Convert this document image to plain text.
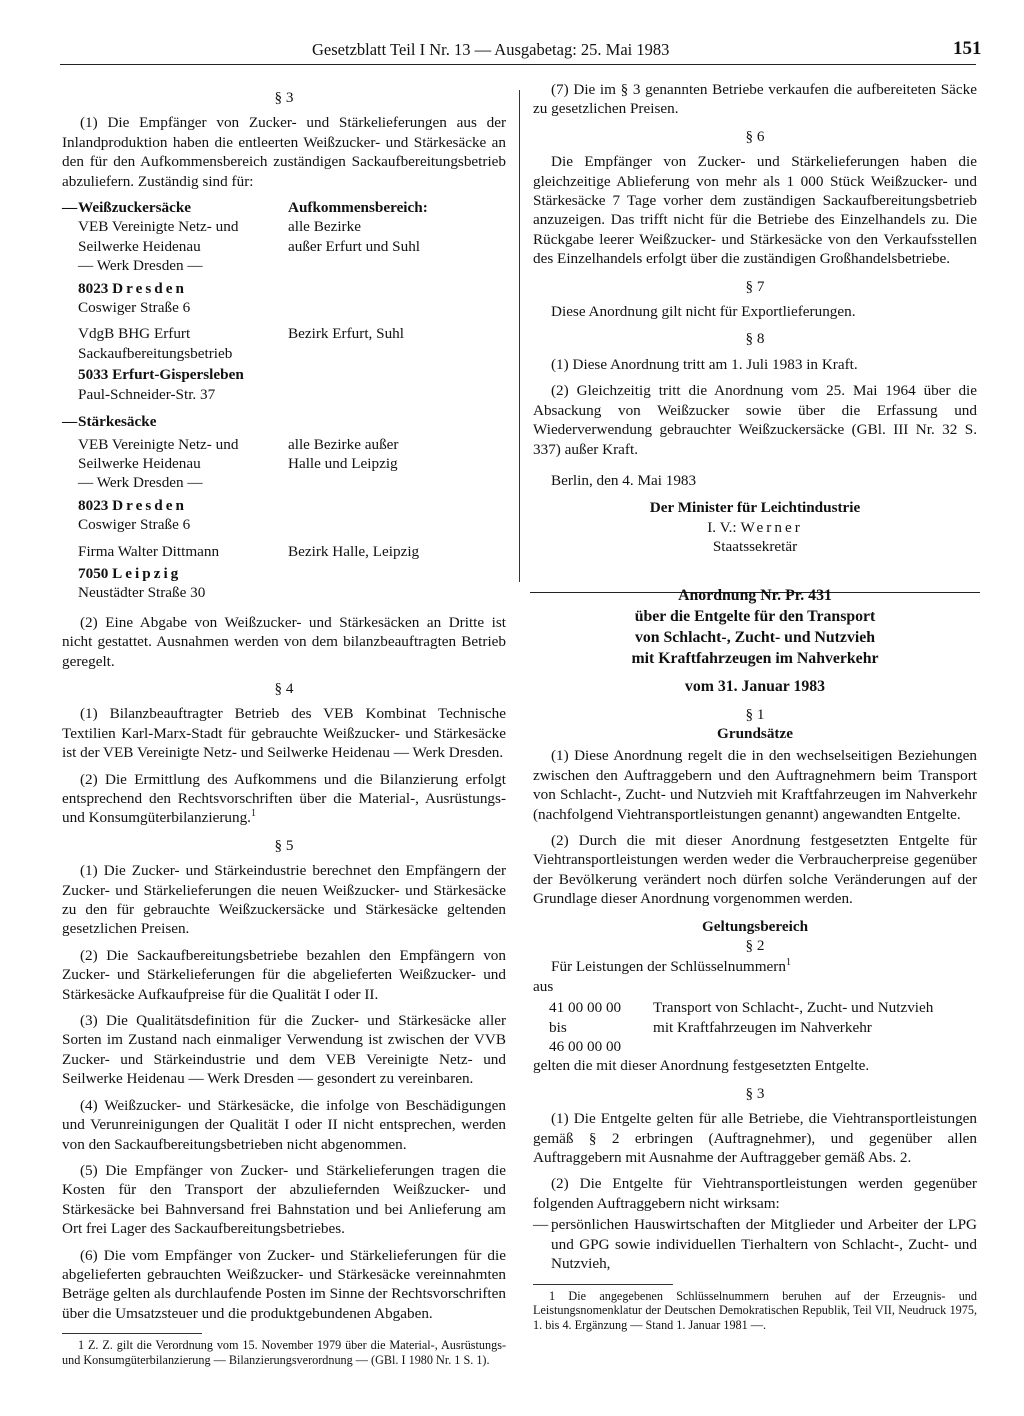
Gesetzblatt Teil I Nr. 13 — Ausgabetag: 25. Mai 1983	151
§ 3

(1) Die Empfänger von Zucker- und Stärkelieferungen aus der Inlandproduktion haben die entleerten Weißzucker- und Stärkesäcke an den für den Aufkommensbereich zuständigen Sackaufbereitungsbetrieb abzuliefern. Zuständig sind für:

— Weißzuckersäcke	Aufkommensbereich:
VEB Vereinigte Netz- und
Seilwerke Heidenau
— Werk Dresden —
8023 Dresden
Coswiger Straße 6
alle Bezirke
außer Erfurt und Suhl
VdgB BHG Erfurt
Sackaufbereitungsbetrieb
5033 Erfurt-Gispersleben
Paul-Schneider-Str. 37
Bezirk Erfurt, Suhl
— Stärkesäcke
VEB Vereinigte Netz- und
Seilwerke Heidenau
— Werk Dresden —
8023 Dresden
Coswiger Straße 6
alle Bezirke außer
Halle und Leipzig
Firma Walter Dittmann
7050 Leipzig
Neustädter Straße 30
Bezirk Halle, Leipzig

(2) Eine Abgabe von Weißzucker- und Stärkesäcken an Dritte ist nicht gestattet. Ausnahmen werden von dem bilanzbeauftragten Betrieb geregelt.

§ 4

(1) Bilanzbeauftragter Betrieb des VEB Kombinat Technische Textilien Karl-Marx-Stadt für gebrauchte Weißzucker- und Stärkesäcke ist der VEB Vereinigte Netz- und Seilwerke Heidenau — Werk Dresden.

(2) Die Ermittlung des Aufkommens und die Bilanzierung erfolgt entsprechend den Rechtsvorschriften über die Material-, Ausrüstungs- und Konsumgüterbilanzierung.$^1$

§ 5

(1) Die Zucker- und Stärkeindustrie berechnet den Empfängern der Zucker- und Stärkelieferungen die neuen Weißzucker- und Stärkesäcke zu den für gebrauchte Weißzuckersäcke und Stärkesäcke geltenden gesetzlichen Preisen.

(2) Die Sackaufbereitungsbetriebe bezahlen den Empfängern von Zucker- und Stärkelieferungen für die abgelieferten Weißzucker- und Stärkesäcke Aufkaufpreise für die Qualität I oder II.

(3) Die Qualitätsdefinition für die Zucker- und Stärkesäcke aller Sorten im Zustand nach einmaliger Verwendung ist zwischen der VVB Zucker- und Stärkeindustrie und dem VEB Vereinigte Netz- und Seilwerke Heidenau — Werk Dresden — gesondert zu vereinbaren.

(4) Weißzucker- und Stärkesäcke, die infolge von Beschädigungen und Verunreinigungen der Qualität I oder II nicht entsprechen, werden von den Sackaufbereitungsbetrieben nicht abgenommen.

(5) Die Empfänger von Zucker- und Stärkelieferungen tragen die Kosten für den Transport der abzuliefernden Weißzucker- und Stärkesäcke bei Bahnversand frei Bahnstation und bei Anlieferung am Ort frei Lager des Sackaufbereitungsbetriebes.

(6) Die vom Empfänger von Zucker- und Stärkelieferungen für die abgelieferten gebrauchten Weißzucker- und Stärkesäcke vereinnahmten Beträge gelten als durchlaufende Posten im Sinne der Rechtsvorschriften über die Umsatzsteuer und die produktgebundenen Abgaben.

1 Z. Z. gilt die Verordnung vom 15. November 1979 über die Material-, Ausrüstungs- und Konsumgüterbilanzierung — Bilanzierungsverordnung — (GBl. I 1980 Nr. 1 S. 1).

(7) Die im § 3 genannten Betriebe verkaufen die aufbereiteten Säcke zu gesetzlichen Preisen.

§ 6

Die Empfänger von Zucker- und Stärkelieferungen haben die gleichzeitige Ablieferung von mehr als 1 000 Stück Weißzucker- und Stärkesäcke 7 Tage vorher dem zuständigen Sackaufbereitungsbetrieb anzuzeigen. Das trifft nicht für die Betriebe des Einzelhandels zu. Die Rückgabe leerer Weißzucker- und Stärkesäcke von den Verkaufsstellen des Einzelhandels erfolgt über die zuständigen Großhandelsbetriebe.

§ 7

Diese Anordnung gilt nicht für Exportlieferungen.

§ 8

(1) Diese Anordnung tritt am 1. Juli 1983 in Kraft.

(2) Gleichzeitig tritt die Anordnung vom 25. Mai 1964 über die Absackung von Weißzucker sowie über die Erfassung und Wiederverwendung gebrauchter Weißzuckersäcke (GBl. III Nr. 32 S. 337) außer Kraft.

Berlin, den 4. Mai 1983

Der Minister für Leichtindustrie
I. V.: Werner
Staatssekretär
Anordnung Nr. Pr. 431
über die Entgelte für den Transport
von Schlacht-, Zucht- und Nutzvieh
mit Kraftfahrzeugen im Nahverkehr
vom 31. Januar 1983
§ 1
Grundsätze

(1) Diese Anordnung regelt die in den wechselseitigen Beziehungen zwischen den Auftraggebern und den Auftragnehmern beim Transport von Schlacht-, Zucht- und Nutzvieh mit Kraftfahrzeugen im Nahverkehr (nachfolgend Viehtransportleistungen genannt) angewandten Entgelte.

(2) Durch die mit dieser Anordnung festgesetzten Entgelte für Viehtransportleistungen werden weder die Verbraucherpreise gegenüber der Bevölkerung verändert noch dürfen solche Veränderungen auf der Grundlage dieser Anordnung vorgenommen werden.

Geltungsbereich
§ 2

Für Leistungen der Schlüsselnummern$^1$

aus
41 00 00 00
bis
46 00 00 00
Transport von Schlacht-, Zucht- und Nutzvieh
mit Kraftfahrzeugen im Nahverkehr

gelten die mit dieser Anordnung festgesetzten Entgelte.

§ 3

(1) Die Entgelte gelten für alle Betriebe, die Viehtransportleistungen gemäß § 2 erbringen (Auftragnehmer), und gegenüber allen Auftraggebern mit Ausnahme der Auftraggeber gemäß Abs. 2.

(2) Die Entgelte für Viehtransportleistungen werden gegenüber folgenden Auftraggebern nicht wirksam:

— persönlichen Hauswirtschaften der Mitglieder und Arbeiter der LPG und GPG sowie individuellen Tierhaltern von Schlacht-, Zucht- und Nutzvieh,

1 Die angegebenen Schlüsselnummern beruhen auf der Erzeugnis- und Leistungsnomenklatur der Deutschen Demokratischen Republik, Teil VII, Neudruck 1975, 1. bis 4. Ergänzung — Stand 1. Januar 1981 —.
